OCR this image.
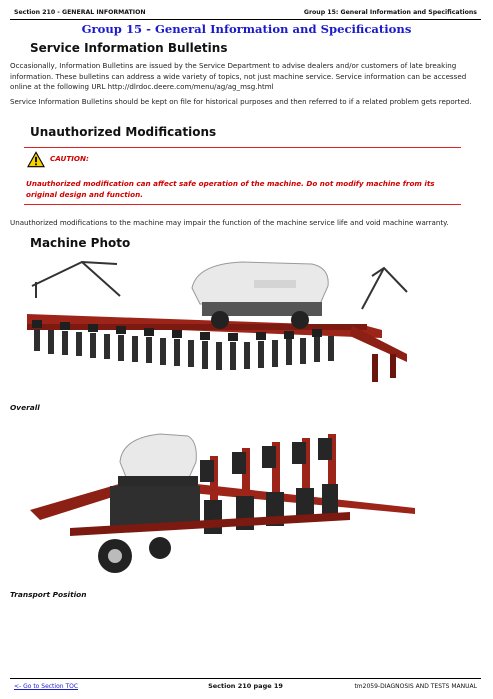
Section 210 - GENERAL INFORMATION	Group 15: General Information and Specifications
Group 15 - General Information and Specifications
Service Information Bulletins
Occasionally, Information Bulletins are issued by the Service Department to advise dealers and/or customers of late breaking information. These bulletins can address a wide variety of topics, not just machine service. Service information can be accessed online at the following URL http://dlrdoc.deere.com/menu/ag/ag_msg.html
Service Information Bulletins should be kept on file for historical purposes and then referred to if a related problem gets reported.
Unauthorized Modifications
CAUTION:
Unauthorized modification can affect safe operation of the machine. Do not modify machine from its original design and function.
Unauthorized modifications to the machine may impair the function of the machine service life and void machine warranty.
Machine Photo
Overall
Transport Position
<- Go to Section TOC	Section 210 page 19	tm2059-DIAGNOSIS AND TESTS MANUAL
